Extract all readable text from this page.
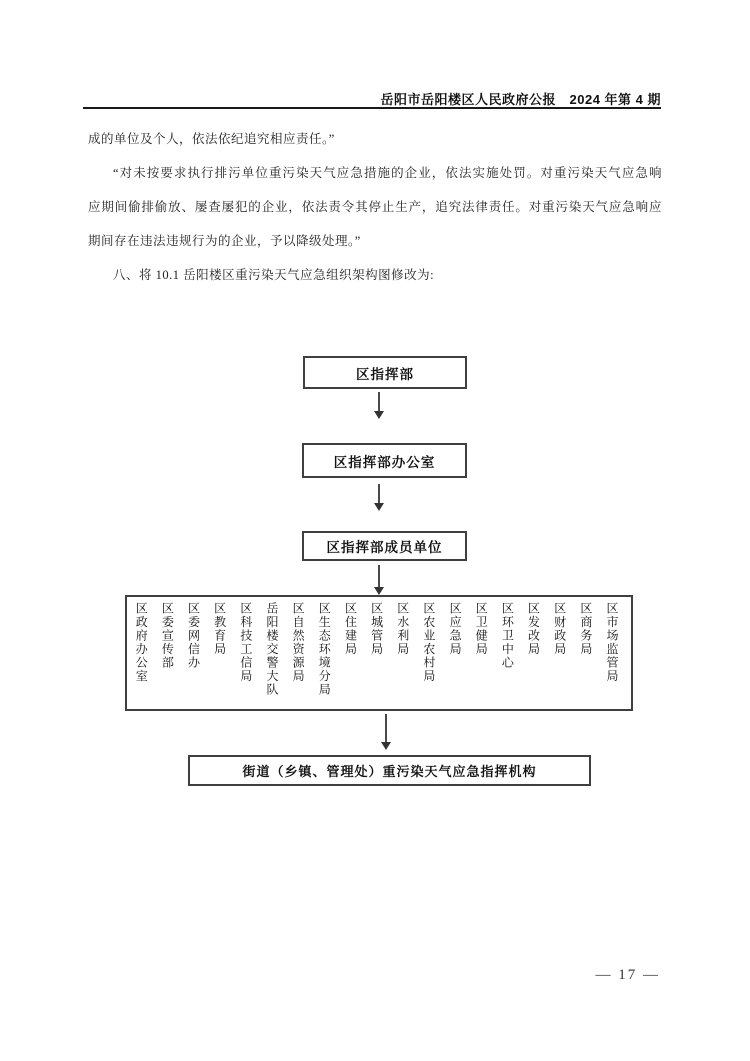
岳阳市岳阳楼区人民政府公报　2024 年第 4 期
成的单位及个人，依法依纪追究相应责任。”
“对未按要求执行排污单位重污染天气应急措施的企业，依法实施处罚。对重污染天气应急响
应期间偷排偷放、屡查屡犯的企业，依法责令其停止生产，追究法律责任。对重污染天气应急响应
期间存在违法违规行为的企业，予以降级处理。”
八、将 10.1 岳阳楼区重污染天气应急组织架构图修改为:
区指挥部
区指挥部办公室
区指挥部成员单位
区政府办公室 区委宣传部 区委网信办 区教育局 区科技工信局 岳阳楼交警大队 区自然资源局 区生态环境分局 区住建局 区城管局 区水利局 区农业农村局 区应急局 区卫健局 区环卫中心 区发改局 区财政局 区商务局 区市场监管局
街道（乡镇、管理处）重污染天气应急指挥机构
— 17 —
